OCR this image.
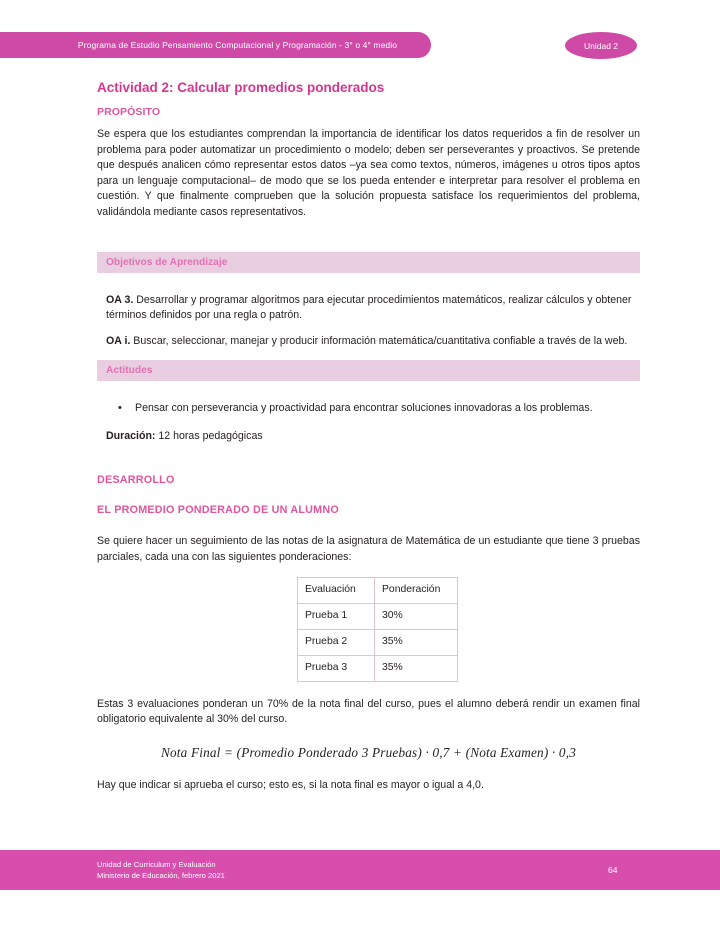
Programa de Estudio Pensamiento Computacional y Programación - 3° o 4° medio	Unidad 2
Actividad 2: Calcular promedios ponderados
PROPÓSITO

Se espera que los estudiantes comprendan la importancia de identificar los datos requeridos a fin de resolver un problema para poder automatizar un procedimiento o modelo; deben ser perseverantes y proactivos. Se pretende que después analicen cómo representar estos datos –ya sea como textos, números, imágenes u otros tipos aptos para un lenguaje computacional– de modo que se los pueda entender e interpretar para resolver el problema en cuestión. Y que finalmente comprueben que la solución propuesta satisface los requerimientos del problema, validándola mediante casos representativos.

Objetivos de Aprendizaje

OA 3. Desarrollar y programar algoritmos para ejecutar procedimientos matemáticos, realizar cálculos y obtener términos definidos por una regla o patrón.

OA i. Buscar, seleccionar, manejar y producir información matemática/cuantitativa confiable a través de la web.

Actitudes
• Pensar con perseverancia y proactividad para encontrar soluciones innovadoras a los problemas.

Duración: 12 horas pedagógicas

DESARROLLO
EL PROMEDIO PONDERADO DE UN ALUMNO

Se quiere hacer un seguimiento de las notas de la asignatura de Matemática de un estudiante que tiene 3 pruebas parciales, cada una con las siguientes ponderaciones:

Evaluación	Ponderación
Prueba 1	30%
Prueba 2	35%
Prueba 3	35%

Estas 3 evaluaciones ponderan un 70% de la nota final del curso, pues el alumno deberá rendir un examen final obligatorio equivalente al 30% del curso.

Nota Final = (Promedio Ponderado 3 Pruebas) · 0,7 + (Nota Examen) · 0,3

Hay que indicar si aprueba el curso; esto es, si la nota final es mayor o igual a 4,0.

Unidad de Curriculum y Evaluación
Ministerio de Educación, febrero 2021
64
